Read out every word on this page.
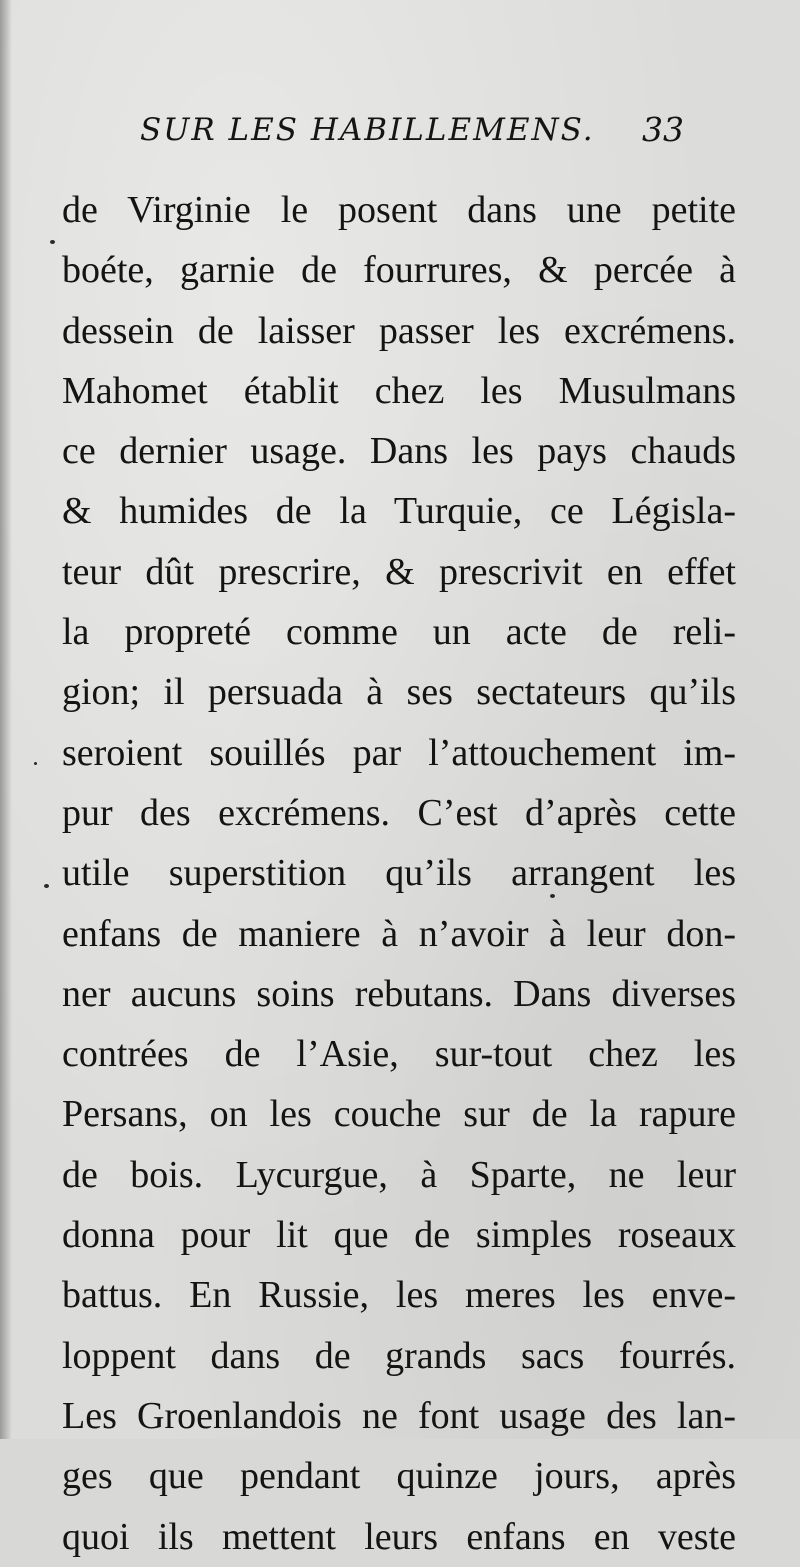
SUR LES HABILLEMENS. 33
de Virginie le posent dans une petite
boéte, garnie de fourrures, & percée à
dessein de laisser passer les excrémens.
Mahomet établit chez les Musulmans
ce dernier usage. Dans les pays chauds
& humides de la Turquie, ce Législa-
teur dût prescrire, & prescrivit en effet
la propreté comme un acte de reli-
gion; il persuada à ses sectateurs qu’ils
seroient souillés par l’attouchement im-
pur des excrémens. C’est d’après cette
utile superstition qu’ils arrangent les
enfans de maniere à n’avoir à leur don-
ner aucuns soins rebutans. Dans diverses
contrées de l’Asie, sur-tout chez les
Persans, on les couche sur de la rapure
de bois. Lycurgue, à Sparte, ne leur
donna pour lit que de simples roseaux
battus. En Russie, les meres les enve-
loppent dans de grands sacs fourrés.
Les Groenlandois ne font usage des lan-
ges que pendant quinze jours, après
quoi ils mettent leurs enfans en veste
